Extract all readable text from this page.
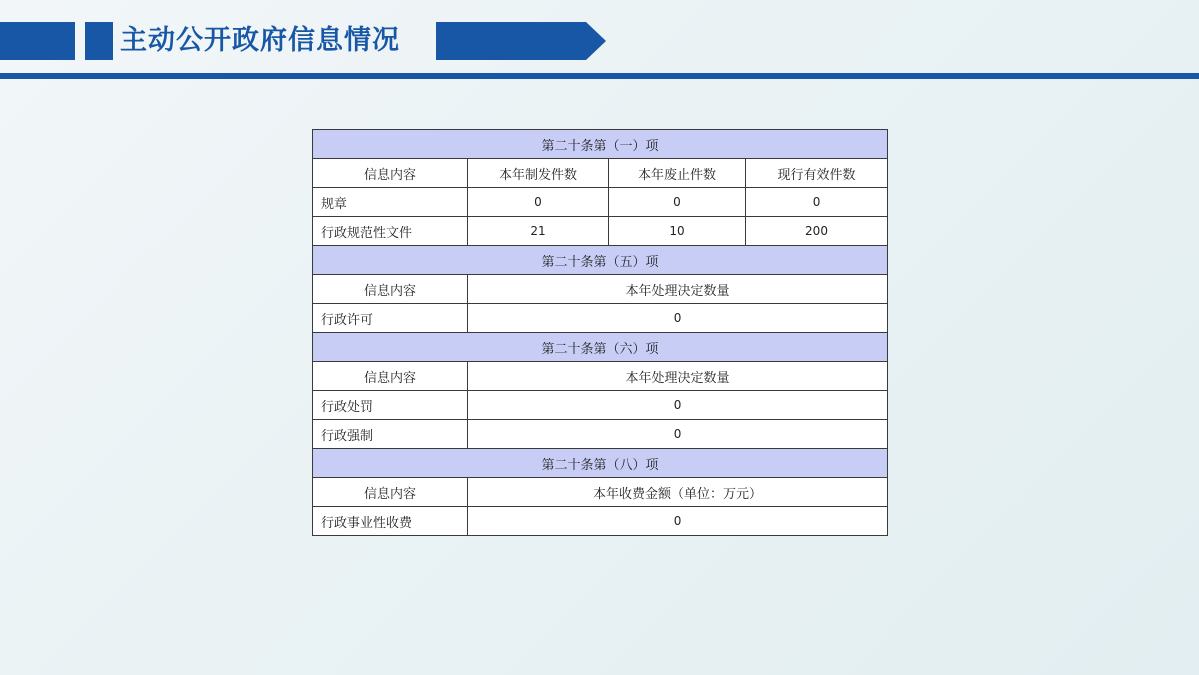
主动公开政府信息情况
第二十条第（一）项			
信息内容	本年制发件数	本年废止件数	现行有效件数
规章	0	0	0
行政规范性文件	21	10	200
第二十条第（五）项			
信息内容	本年处理决定数量		
行政许可	0		
第二十条第（六）项			
信息内容	本年处理决定数量		
行政处罚	0		
行政强制	0		
第二十条第（八）项			
信息内容	本年收费金额（单位：万元）		
行政事业性收费	0		
